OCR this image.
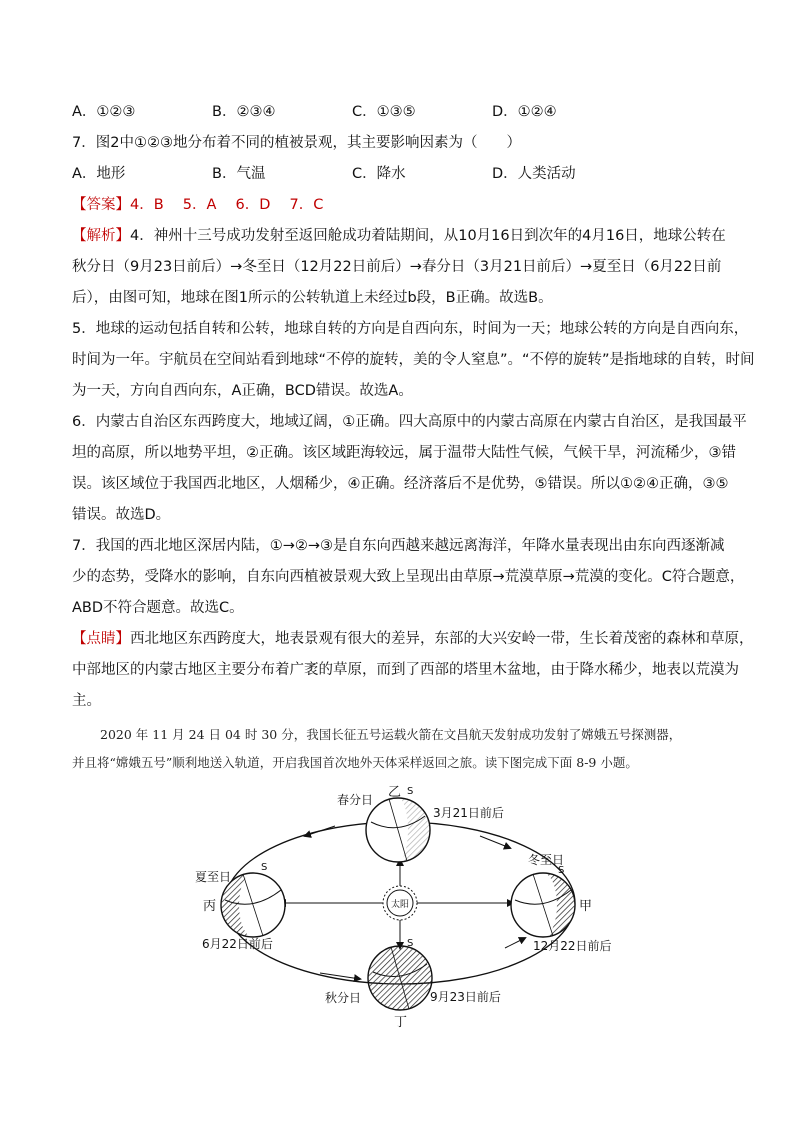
A．①②③	B．②③④	C．①③⑤	D．①②④
7．图2中①②③地分布着不同的植被景观，其主要影响因素为（　　）
A．地形	B．气温	C．降水	D．人类活动
【答案】4．B　 5．A　 6．D　 7．C
【解析】4．神州十三号成功发射至返回舱成功着陆期间，从10月16日到次年的4月16日，地球公转在
秋分日（9月23日前后）→冬至日（12月22日前后）→春分日（3月21日前后）→夏至日（6月22日前
后），由图可知，地球在图1所示的公转轨道上未经过b段，B正确。故选B。
5．地球的运动包括自转和公转，地球自转的方向是自西向东，时间为一天；地球公转的方向是自西向东，
时间为一年。宇航员在空间站看到地球“不停的旋转，美的令人窒息”。“不停的旋转”是指地球的自转，时间
为一天，方向自西向东，A正确，BCD错误。故选A。
6．内蒙古自治区东西跨度大，地域辽阔，①正确。四大高原中的内蒙古高原在内蒙古自治区，是我国最平
坦的高原，所以地势平坦，②正确。该区域距海较远，属于温带大陆性气候，气候干旱，河流稀少，③错
误。该区域位于我国西北地区，人烟稀少，④正确。经济落后不是优势，⑤错误。所以①②④正确，③⑤
错误。故选D。
7．我国的西北地区深居内陆，①→②→③是自东向西越来越远离海洋，年降水量表现出由东向西逐渐减
少的态势，受降水的影响，自东向西植被景观大致上呈现出由草原→荒漠草原→荒漠的变化。C符合题意，
ABD不符合题意。故选C。
【点睛】西北地区东西跨度大，地表景观有很大的差异，东部的大兴安岭一带，生长着茂密的森林和草原，
中部地区的内蒙古地区主要分布着广袤的草原，而到了西部的塔里木盆地，由于降水稀少，地表以荒漠为
主。
2020 年 11 月 24 日 04 时 30 分，我国长征五号运载火箭在文昌航天发射成功发射了嫦娥五号探测器，
并且将“嫦娥五号”顺利地送入轨道，开启我国首次地外天体采样返回之旅。读下图完成下面 8-9 小题。
太阳
春分日 乙 S
3月21日前后
夏至日
S
丙
6月22日前后
秋分日
S
丁
9月23日前后
冬至日
S
甲
12月22日前后
